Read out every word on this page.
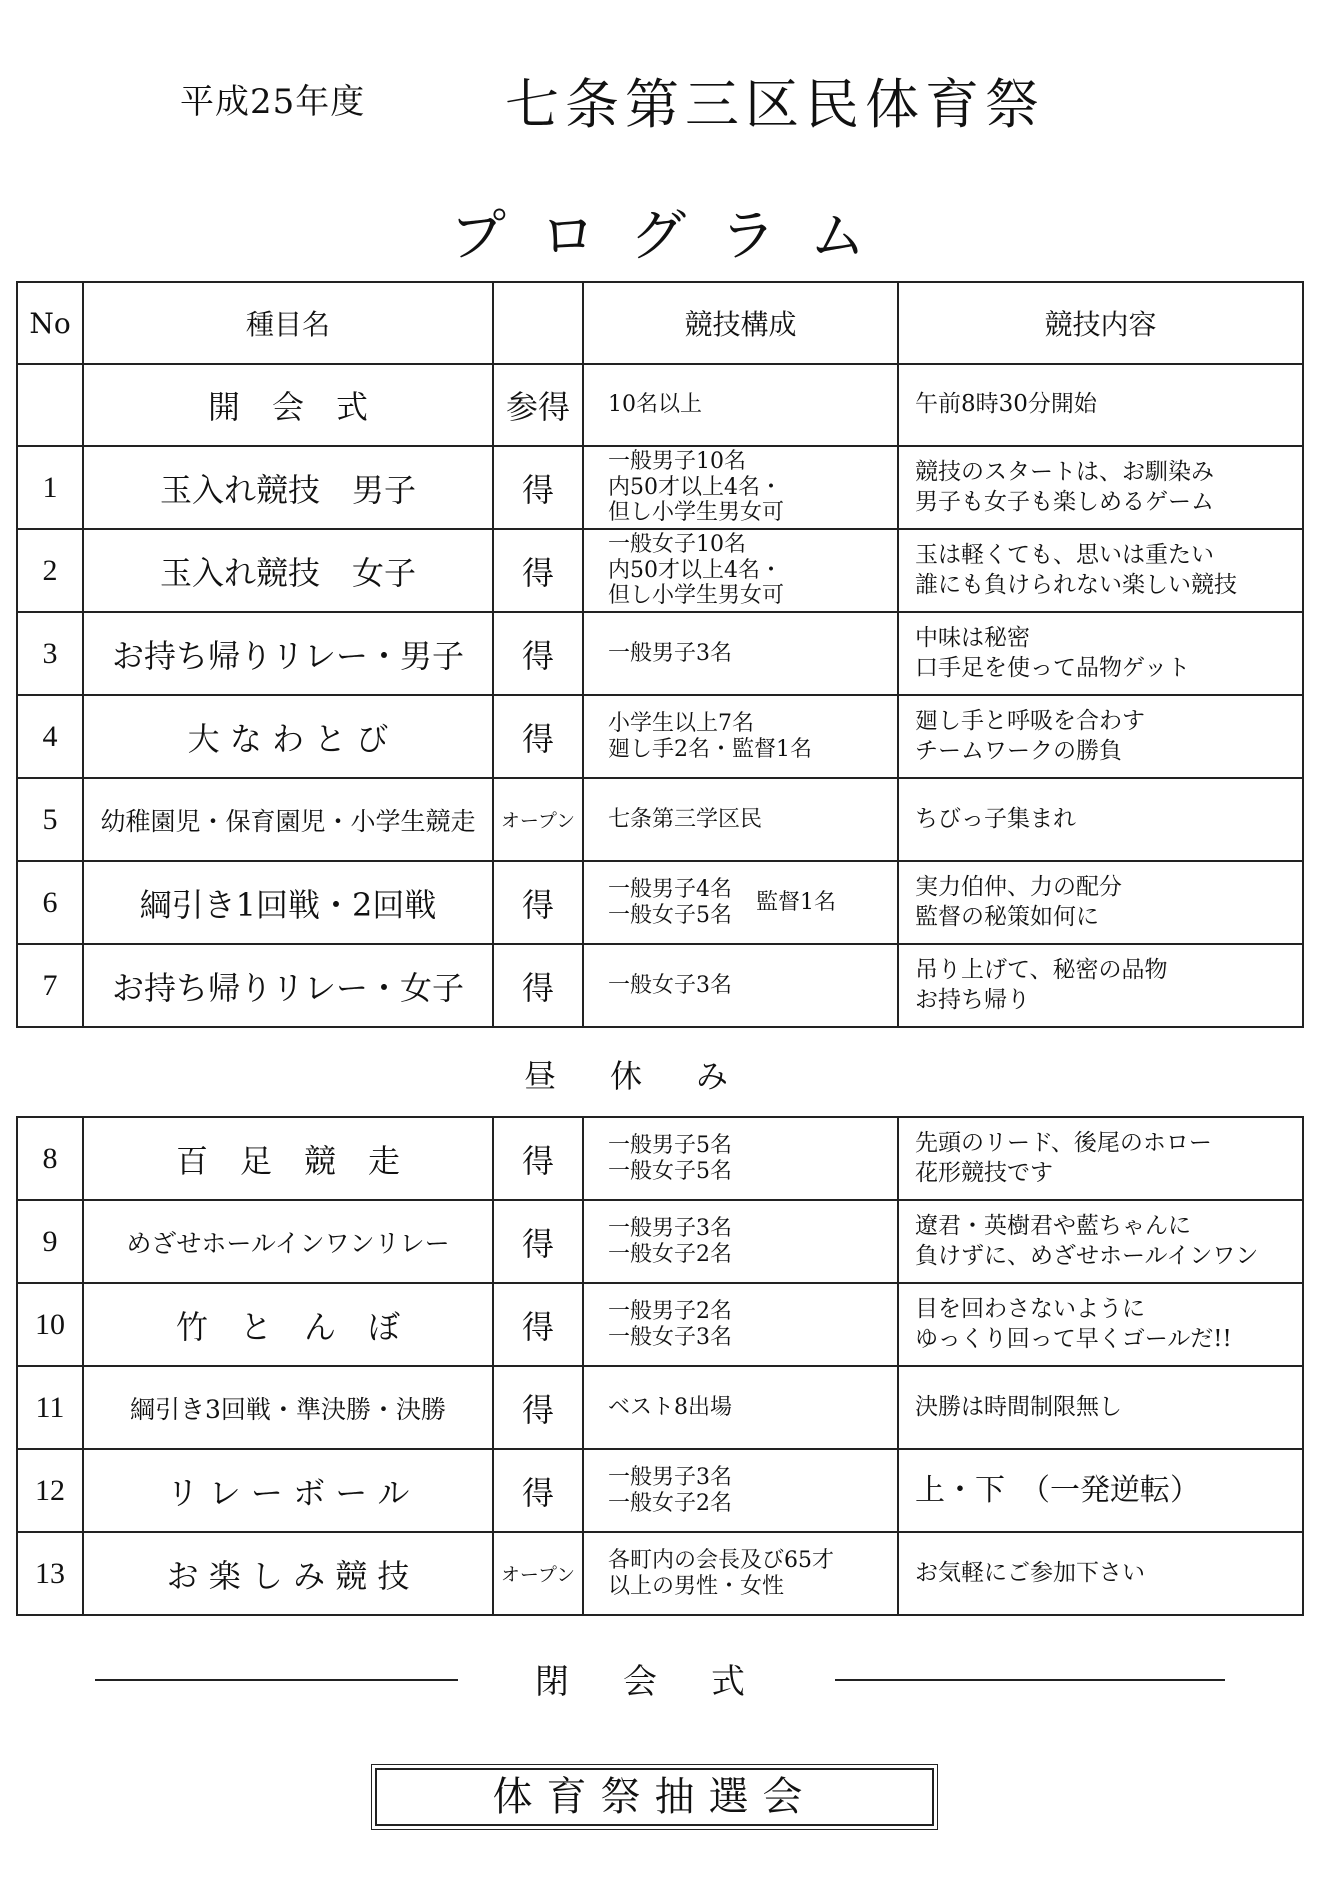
平成25年度	七条第三区民体育祭
プログラム
No	種目名		競技構成	競技内容
	開　会　式	参得	10名以上	午前8時30分開始
1	玉入れ競技　男子	得	一般男子10名
内50才以上4名・
但し小学生男女可	競技のスタートは、お馴染み
男子も女子も楽しめるゲーム
2	玉入れ競技　女子	得	一般女子10名
内50才以上4名・
但し小学生男女可	玉は軽くても、思いは重たい
誰にも負けられない楽しい競技
3	お持ち帰りリレー・男子	得	一般男子3名	中味は秘密
口手足を使って品物ゲット
4	大 な わ と び	得	小学生以上7名
廻し手2名・監督1名	廻し手と呼吸を合わす
チームワークの勝負
5	幼稚園児・保育園児・小学生競走	オープン	七条第三学区民	ちびっ子集まれ
6	綱引き1回戦・2回戦	得	一般男子4名
一般女子5名
監督1名	実力伯仲、力の配分
監督の秘策如何に
7	お持ち帰りリレー・女子	得	一般女子3名	吊り上げて、秘密の品物
お持ち帰り
昼休み
8	百　足　競　走	得	一般男子5名
一般女子5名	先頭のリード、後尾のホロー
花形競技です
9	めざせホールインワンリレー	得	一般男子3名
一般女子2名	遼君・英樹君や藍ちゃんに
負けずに、めざせホールインワン
10	竹　と　ん　ぼ	得	一般男子2名
一般女子3名	目を回わさないように
ゆっくり回って早くゴールだ!!
11	綱引き3回戦・準決勝・決勝	得	ベスト8出場	決勝は時間制限無し
12	リ レ ー ボ ー ル	得	一般男子3名
一般女子2名	上・下　（一発逆転）
13	お 楽 し み 競 技	オープン	各町内の会長及び65才
以上の男性・女性	お気軽にご参加下さい
閉会式
体育祭抽選会
